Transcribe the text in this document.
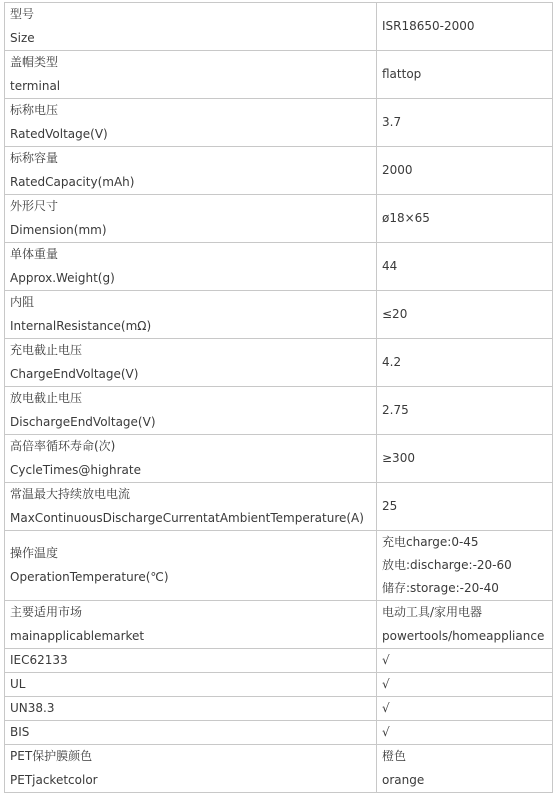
型号
Size	ISR18650-2000

盖帽类型
terminal	flattop

标称电压
RatedVoltage(V)	3.7

标称容量
RatedCapacity(mAh)	2000

外形尺寸
Dimension(mm)	ø18×65

单体重量
Approx.Weight(g)	44

内阻
InternalResistance(mΩ)	≤20

充电截止电压
ChargeEndVoltage(V)	4.2

放电截止电压
DischargeEndVoltage(V)	2.75

高倍率循环寿命(次)
CycleTimes@highrate	≥300

常温最大持续放电电流
MaxContinuousDischargeCurrentatAmbientTemperature(A)	25

操作温度
OperationTemperature(℃)	充电charge:0-45
放电:discharge:-20-60
储存:storage:-20-40

主要适用市场
mainapplicablemarket	电动工具/家用电器
powertools/homeappliance

IEC62133	√

UL	√

UN38.3	√

BIS	√

PET保护膜颜色
PETjacketcolor	橙色
orange
